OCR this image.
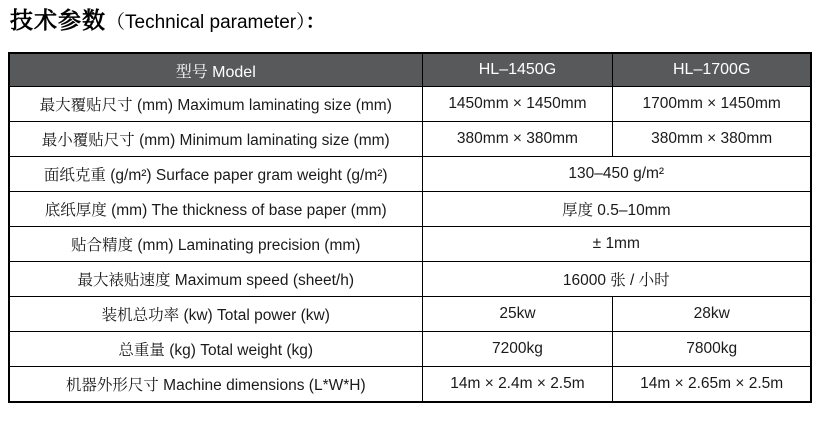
技术参数（Technical parameter）：
型号 Model	HL–1450G	HL–1700G
最大覆贴尺寸 (mm) Maximum laminating size (mm)	1450mm × 1450mm	1700mm × 1450mm
最小覆贴尺寸 (mm) Minimum laminating size (mm)	380mm × 380mm	380mm × 380mm
面纸克重 (g/m²) Surface paper gram weight (g/m²)	130–450 g/m²	
底纸厚度 (mm) The thickness of base paper (mm)	厚度 0.5–10mm	
贴合精度 (mm) Laminating precision (mm)	± 1mm	
最大裱贴速度 Maximum speed (sheet/h)	16000 张 / 小时	
装机总功率 (kw) Total power (kw)	25kw	28kw
总重量 (kg) Total weight (kg)	7200kg	7800kg
机器外形尺寸 Machine dimensions (L*W*H)	14m × 2.4m × 2.5m	14m × 2.65m × 2.5m
